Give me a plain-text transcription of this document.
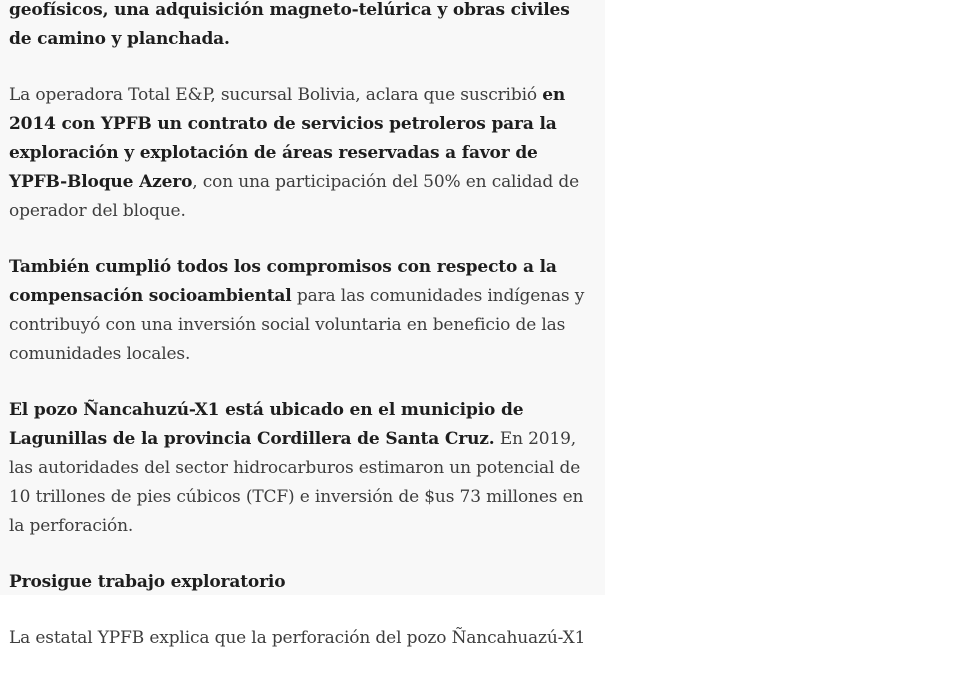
geofísicos, una adquisición magneto-telúrica y obras civiles de camino y planchada.

La operadora Total E&P, sucursal Bolivia, aclara que suscribió en 2014 con YPFB un contrato de servicios petroleros para la exploración y explotación de áreas reservadas a favor de YPFB-Bloque Azero, con una participación del 50% en calidad de operador del bloque.

También cumplió todos los compromisos con respecto a la compensación socioambiental para las comunidades indígenas y contribuyó con una inversión social voluntaria en beneficio de las comunidades locales.

El pozo Ñancahuzú-X1 está ubicado en el municipio de Lagunillas de la provincia Cordillera de Santa Cruz. En 2019, las autoridades del sector hidrocarburos estimaron un potencial de 10 trillones de pies cúbicos (TCF) e inversión de $us 73 millones en la perforación.

Prosigue trabajo exploratorio

La estatal YPFB explica que la perforación del pozo Ñancahuazú-X1
